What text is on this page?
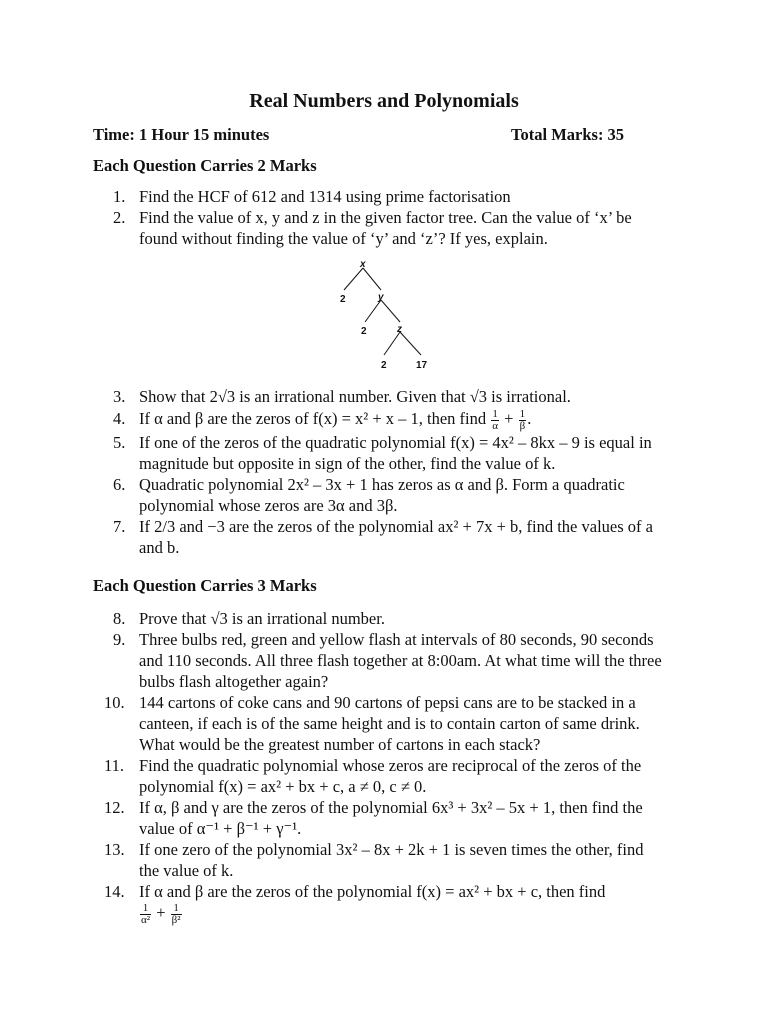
Real Numbers and Polynomials
Time: 1 Hour 15 minutes	Total Marks: 35
Each Question Carries 2 Marks
1. Find the HCF of 612 and 1314 using prime factorisation
2. Find the value of x, y and z in the given factor tree. Can the value of ‘x’ be found without finding the value of ‘y’ and ‘z’? If yes, explain.
x
2	y
2	z
2	17
3. Show that 2√3 is an irrational number. Given that √3 is irrational.
4. If α and β are the zeros of f(x) = x² + x – 1, then find $\frac{1}{\alpha} + \frac{1}{\beta}$ .
5. If one of the zeros of the quadratic polynomial f(x) = 4x² – 8kx – 9 is equal in magnitude but opposite in sign of the other, find the value of k.
6. Quadratic polynomial 2x² – 3x + 1 has zeros as α and β. Form a quadratic polynomial whose zeros are 3α and 3β.
7. If 2/3 and −3 are the zeros of the polynomial ax² + 7x + b, find the values of a and b.
Each Question Carries 3 Marks
8. Prove that √3 is an irrational number.
9. Three bulbs red, green and yellow flash at intervals of 80 seconds, 90 seconds and 110 seconds. All three flash together at 8:00am. At what time will the three bulbs flash altogether again?
10. 144 cartons of coke cans and 90 cartons of pepsi cans are to be stacked in a canteen, if each is of the same height and is to contain carton of same drink. What would be the greatest number of cartons in each stack?
11. Find the quadratic polynomial whose zeros are reciprocal of the zeros of the polynomial f(x) = ax² + bx + c, a ≠ 0, c ≠ 0.
12. If α, β and γ are the zeros of the polynomial 6x³ + 3x² – 5x + 1, then find the value of α⁻¹ + β⁻¹ + γ⁻¹.
13. If one zero of the polynomial 3x² – 8x + 2k + 1 is seven times the other, find the value of k.
14. If α and β are the zeros of the polynomial f(x) = ax² + bx + c, then find

$\frac{1}{\text{α²}} + \frac{1}{\text{β²}}$
